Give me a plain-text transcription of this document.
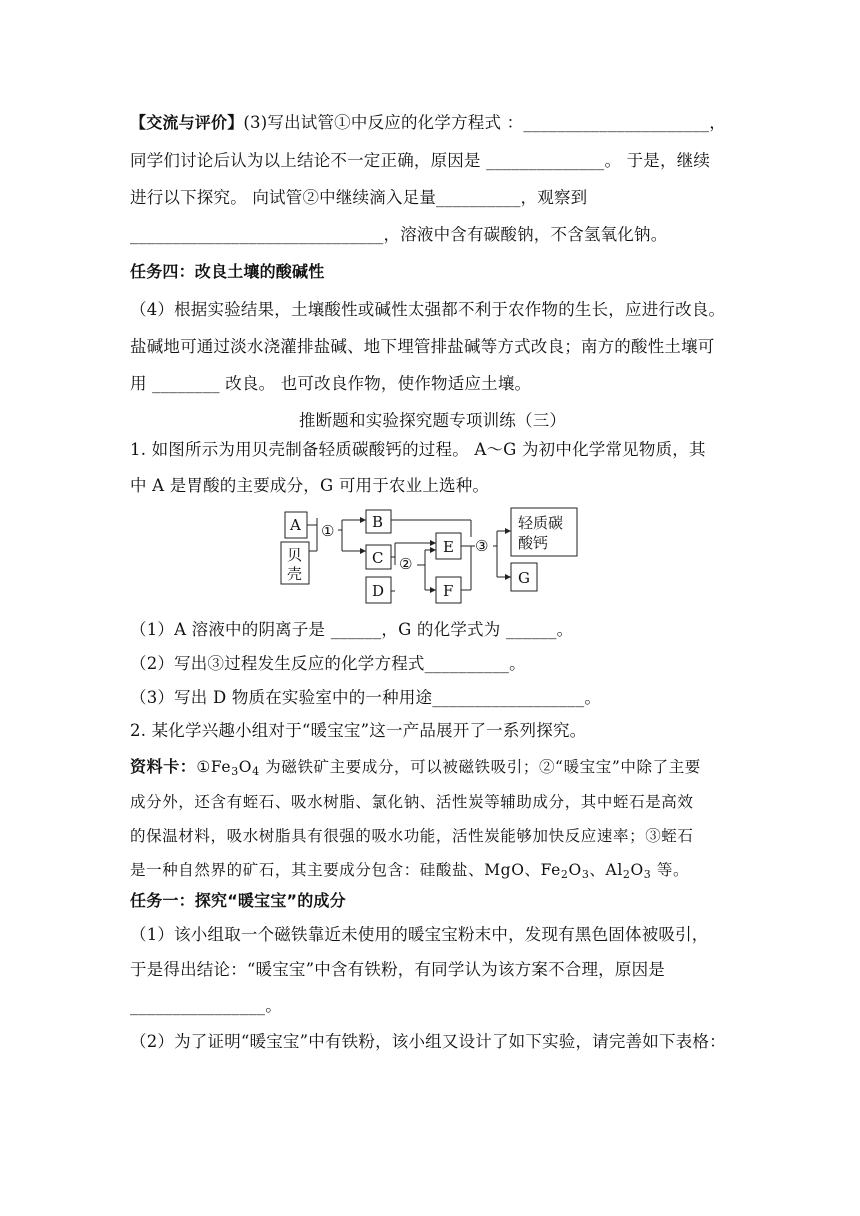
【交流与评价】(3)写出试管①中反应的化学方程式 ：______________________，
同学们讨论后认为以上结论不一定正确，原因是 ______________。 于是，继续
进行以下探究。 向试管②中继续滴入足量__________，观察到
______________________________，溶液中含有碳酸钠，不含氢氧化钠。
任务四：改良土壤的酸碱性
（4）根据实验结果，土壤酸性或碱性太强都不利于农作物的生长，应进行改良。
盐碱地可通过淡水浇灌排盐碱、地下埋管排盐碱等方式改良；南方的酸性土壤可
用 ________ 改良。 也可改良作物，使作物适应土壤。
推断题和实验探究题专项训练（三）
1. 如图所示为用贝壳制备轻质碳酸钙的过程。 A～G 为初中化学常见物质，其
中 A 是胃酸的主要成分，G 可用于农业上选种。
A
贝
壳
①	B
C
D
②
E
F
③
轻质碳
酸钙
G
（1）A 溶液中的阴离子是 ______，G 的化学式为 ______。
（2）写出③过程发生反应的化学方程式__________。
（3）写出 D 物质在实验室中的一种用途__________________。
2. 某化学兴趣小组对于“暖宝宝”这一产品展开了一系列探究。
资料卡：$①Fe_3O_4$ 为磁铁矿主要成分，可以被磁铁吸引；②“暖宝宝”中除了主要
成分外，还含有蛭石、吸水树脂、氯化钠、活性炭等辅助成分，其中蛭石是高效
的保温材料，吸水树脂具有很强的吸水功能，活性炭能够加快反应速率；③蛭石
是一种自然界的矿石，其主要成分包含：硅酸盐、MgO、$Fe_2O_3$、$Al_2O_3$ 等。
任务一：探究“暖宝宝”的成分
（1）该小组取一个磁铁靠近未使用的暖宝宝粉末中，发现有黑色固体被吸引，
于是得出结论：“暖宝宝”中含有铁粉，有同学认为该方案不合理，原因是
________________。
（2）为了证明“暖宝宝”中有铁粉，该小组又设计了如下实验，请完善如下表格：
